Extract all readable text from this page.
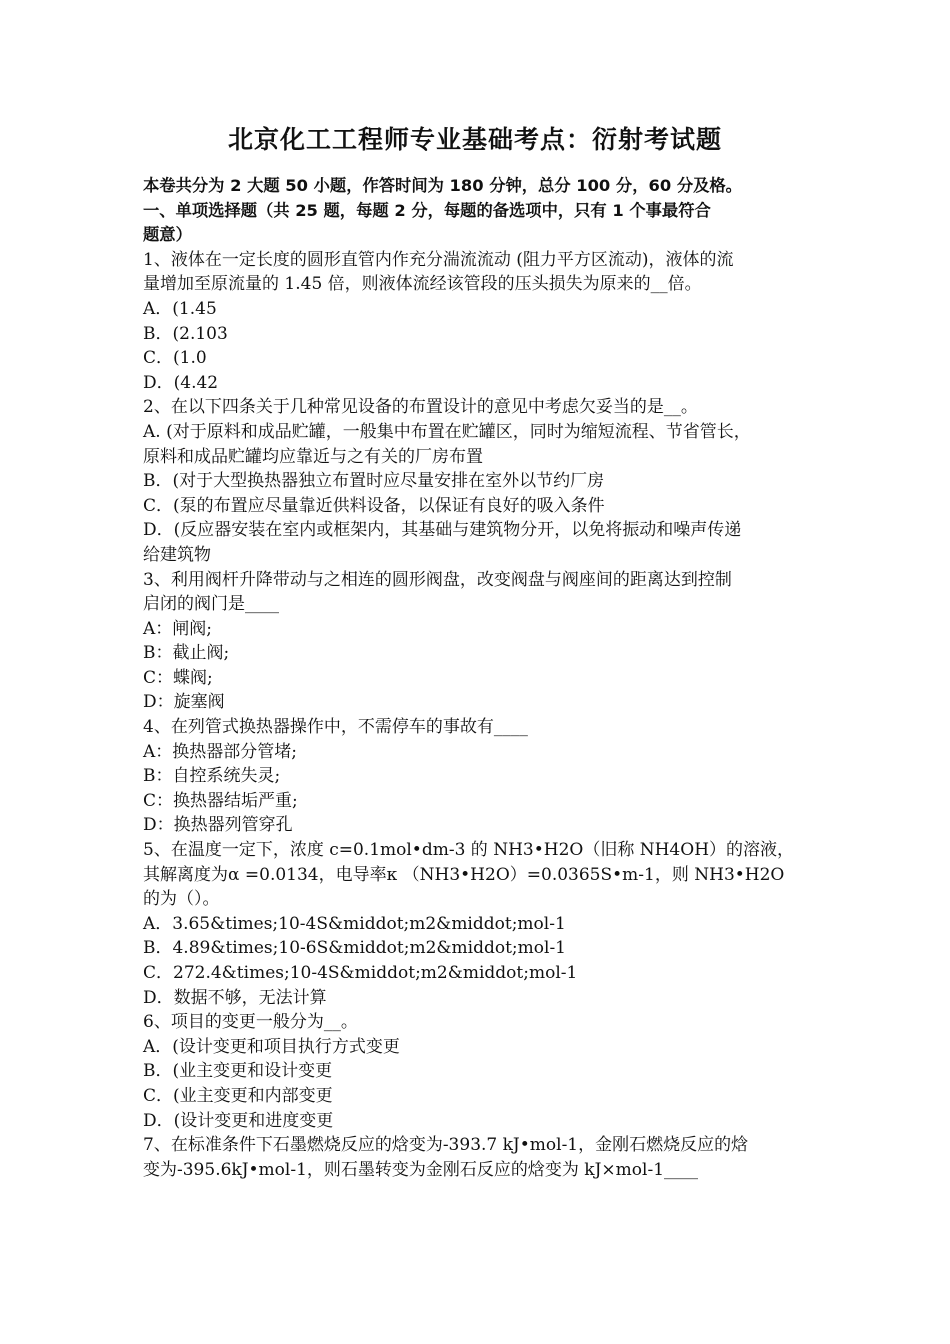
北京化工工程师专业基础考点：衍射考试题
本卷共分为 2 大题 50 小题，作答时间为 180 分钟，总分 100 分，60 分及格。
一、单项选择题（共 25 题，每题 2 分，每题的备选项中，只有 1 个事最符合
题意）
1、液体在一定长度的圆形直管内作充分湍流流动 (阻力平方区流动)，液体的流
量增加至原流量的 1.45 倍，则液体流经该管段的压头损失为原来的__倍。
A．(1.45
B．(2.103
C．(1.0
D．(4.42
2、在以下四条关于几种常见设备的布置设计的意见中考虑欠妥当的是__。
A. (对于原料和成品贮罐，一般集中布置在贮罐区，同时为缩短流程、节省管长，
原料和成品贮罐均应靠近与之有关的厂房布置
B．(对于大型换热器独立布置时应尽量安排在室外以节约厂房
C．(泵的布置应尽量靠近供料设备，以保证有良好的吸入条件
D．(反应器安装在室内或框架内，其基础与建筑物分开，以免将振动和噪声传递
给建筑物
3、利用阀杆升降带动与之相连的圆形阀盘，改变阀盘与阀座间的距离达到控制
启闭的阀门是____
A：闸阀;
B：截止阀;
C：蝶阀;
D：旋塞阀
4、在列管式换热器操作中，不需停车的事故有____
A：换热器部分管堵;
B：自控系统失灵;
C：换热器结垢严重;
D：换热器列管穿孔
5、在温度一定下，浓度 c=0.1mol•dm-3 的 NH3•H2O（旧称 NH4OH）的溶液，
其解离度为α =0.0134，电导率κ （NH3•H2O）=0.0365S•m-1，则 NH3•H2O
的为（）。
A．3.65&times;10-4S&middot;m2&middot;mol-1
B．4.89&times;10-6S&middot;m2&middot;mol-1
C．272.4&times;10-4S&middot;m2&middot;mol-1
D．数据不够，无法计算
6、项目的变更一般分为__。
A．(设计变更和项目执行方式变更
B．(业主变更和设计变更
C．(业主变更和内部变更
D．(设计变更和进度变更
7、在标准条件下石墨燃烧反应的焓变为-393.7 kJ•mol-1，金刚石燃烧反应的焓
变为-395.6kJ•mol-1，则石墨转变为金刚石反应的焓变为 kJ×mol-1____
